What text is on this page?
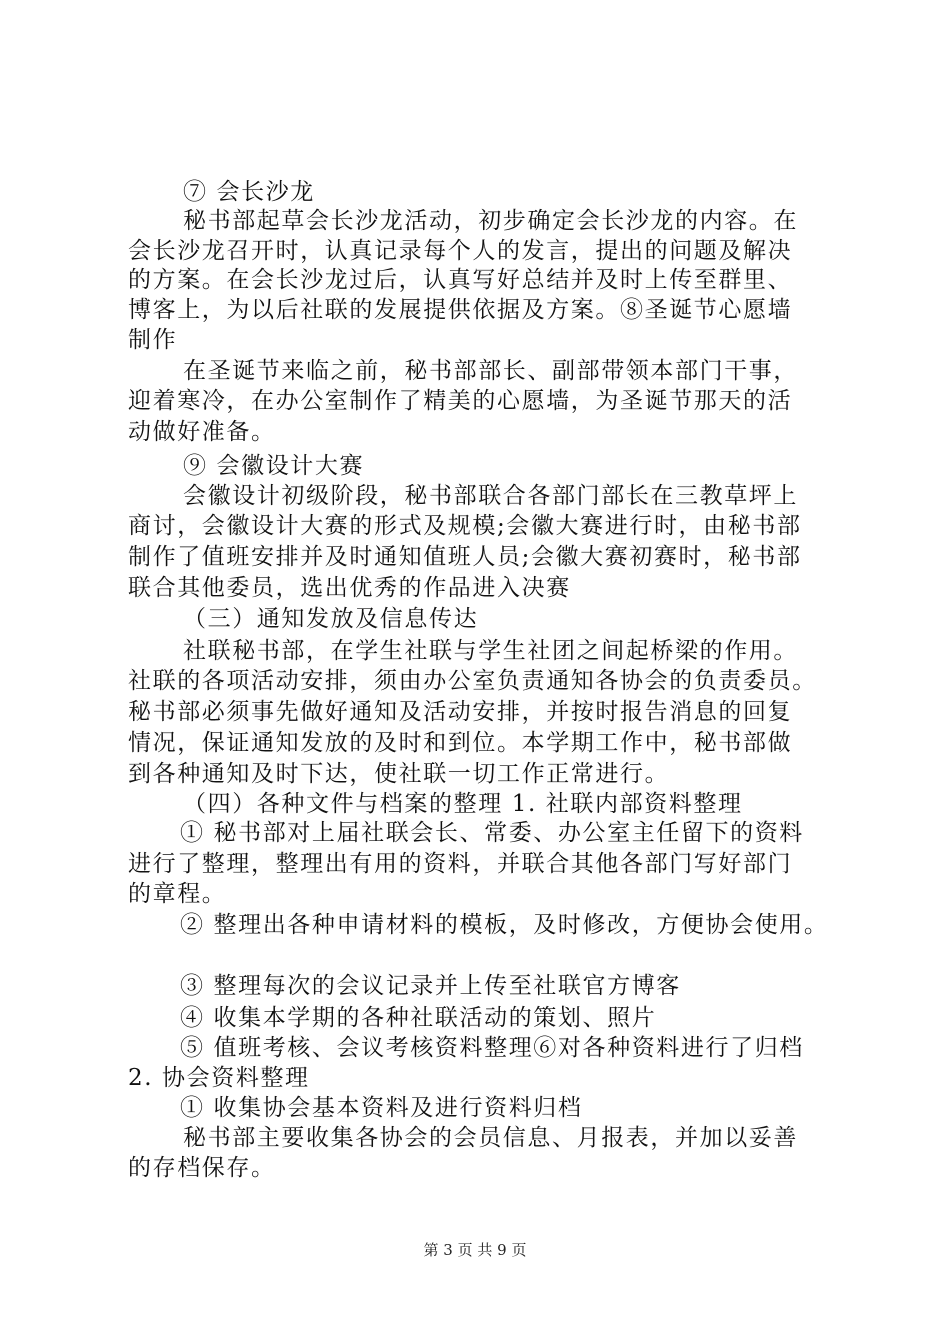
⑦ 会长沙龙
秘书部起草会长沙龙活动，初步确定会长沙龙的内容。在
会长沙龙召开时，认真记录每个人的发言，提出的问题及解决
的方案。在会长沙龙过后，认真写好总结并及时上传至群里、
博客上，为以后社联的发展提供依据及方案。⑧圣诞节心愿墙
制作
在圣诞节来临之前，秘书部部长、副部带领本部门干事，
迎着寒冷，在办公室制作了精美的心愿墙，为圣诞节那天的活
动做好准备。
⑨ 会徽设计大赛
会徽设计初级阶段，秘书部联合各部门部长在三教草坪上
商讨，会徽设计大赛的形式及规模;会徽大赛进行时，由秘书部
制作了值班安排并及时通知值班人员;会徽大赛初赛时，秘书部
联合其他委员，选出优秀的作品进入决赛
（三）通知发放及信息传达
社联秘书部，在学生社联与学生社团之间起桥梁的作用。
社联的各项活动安排，须由办公室负责通知各协会的负责委员。
秘书部必须事先做好通知及活动安排，并按时报告消息的回复
情况，保证通知发放的及时和到位。本学期工作中，秘书部做
到各种通知及时下达，使社联一切工作正常进行。
（四）各种文件与档案的整理 1. 社联内部资料整理
① 秘书部对上届社联会长、常委、办公室主任留下的资料
进行了整理，整理出有用的资料，并联合其他各部门写好部门
的章程。
② 整理出各种申请材料的模板，及时修改，方便协会使用。
③ 整理每次的会议记录并上传至社联官方博客
④ 收集本学期的各种社联活动的策划、照片
⑤ 值班考核、会议考核资料整理⑥对各种资料进行了归档
2. 协会资料整理
① 收集协会基本资料及进行资料归档
秘书部主要收集各协会的会员信息、月报表，并加以妥善
的存档保存。
第 3 页 共 9 页
